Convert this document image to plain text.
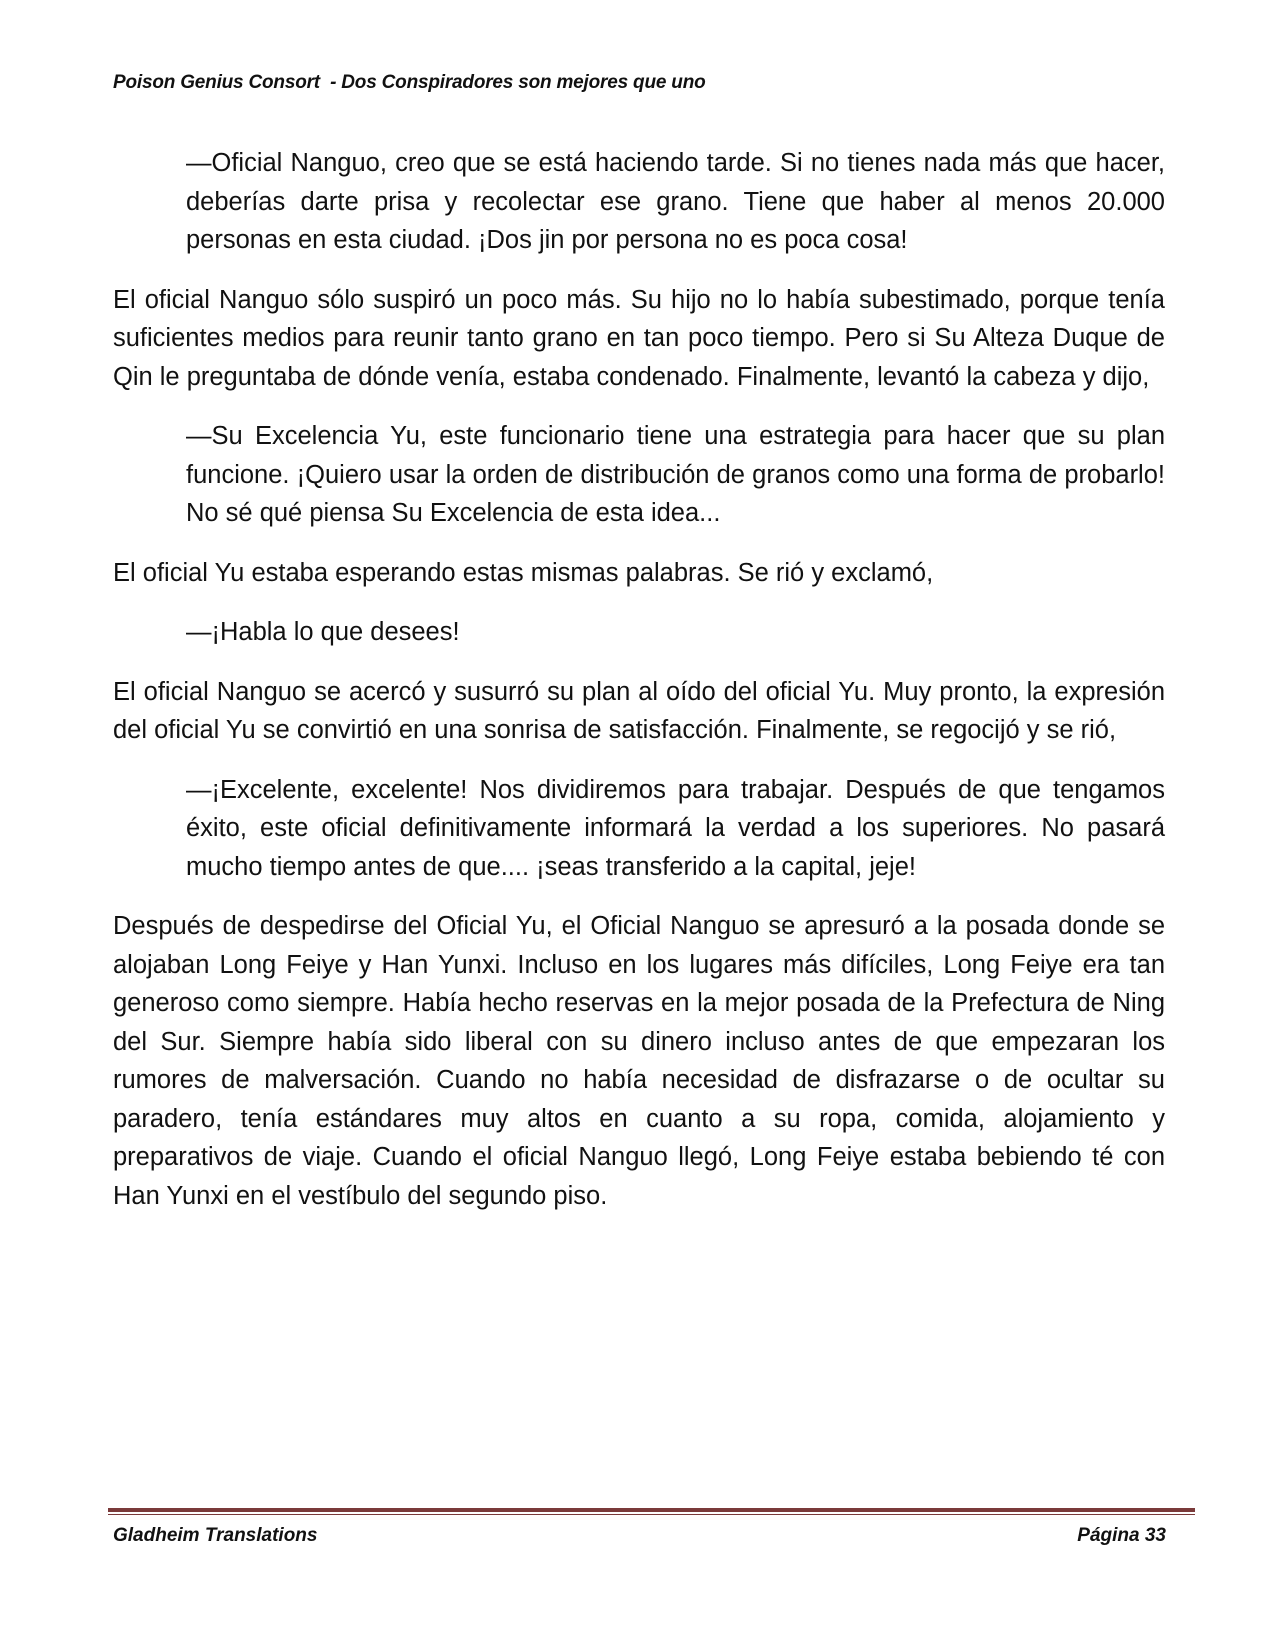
Poison Genius Consort  - Dos Conspiradores son mejores que uno

—Oficial Nanguo, creo que se está haciendo tarde. Si no tienes nada más que hacer, deberías darte prisa y recolectar ese grano. Tiene que haber al menos 20.000 personas en esta ciudad. ¡Dos jin por persona no es poca cosa!

El oficial Nanguo sólo suspiró un poco más. Su hijo no lo había subestimado, porque tenía suficientes medios para reunir tanto grano en tan poco tiempo. Pero si Su Alteza Duque de Qin le preguntaba de dónde venía, estaba condenado. Finalmente, levantó la cabeza y dijo,

—Su Excelencia Yu, este funcionario tiene una estrategia para hacer que su plan funcione. ¡Quiero usar la orden de distribución de granos como una forma de probarlo! No sé qué piensa Su Excelencia de esta idea...

El oficial Yu estaba esperando estas mismas palabras. Se rió y exclamó,

—¡Habla lo que desees!

El oficial Nanguo se acercó y susurró su plan al oído del oficial Yu. Muy pronto, la expresión del oficial Yu se convirtió en una sonrisa de satisfacción. Finalmente, se regocijó y se rió,

—¡Excelente, excelente! Nos dividiremos para trabajar. Después de que tengamos éxito, este oficial definitivamente informará la verdad a los superiores. No pasará mucho tiempo antes de que.... ¡seas transferido a la capital, jeje!

Después de despedirse del Oficial Yu, el Oficial Nanguo se apresuró a la posada donde se alojaban Long Feiye y Han Yunxi. Incluso en los lugares más difíciles, Long Feiye era tan generoso como siempre. Había hecho reservas en la mejor posada de la Prefectura de Ning del Sur. Siempre había sido liberal con su dinero incluso antes de que empezaran los rumores de malversación. Cuando no había necesidad de disfrazarse o de ocultar su paradero, tenía estándares muy altos en cuanto a su ropa, comida, alojamiento y preparativos de viaje. Cuando el oficial Nanguo llegó, Long Feiye estaba bebiendo té con Han Yunxi en el vestíbulo del segundo piso.

Gladheim Translations	Página 33
